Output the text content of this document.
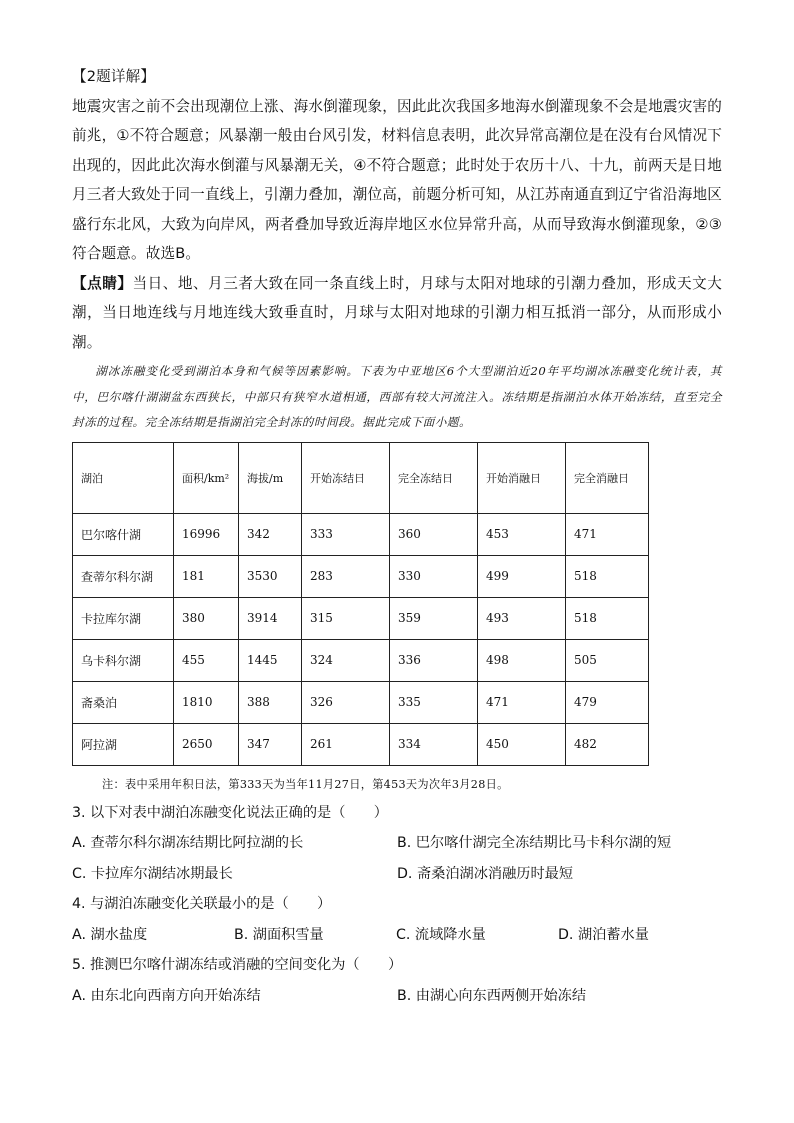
【2题详解】

地震灾害之前不会出现潮位上涨、海水倒灌现象，因此此次我国多地海水倒灌现象不会是地震灾害的前兆，①不符合题意；风暴潮一般由台风引发，材料信息表明，此次异常高潮位是在没有台风情况下出现的，因此此次海水倒灌与风暴潮无关，④不符合题意；此时处于农历十八、十九，前两天是日地月三者大致处于同一直线上，引潮力叠加，潮位高，前题分析可知，从江苏南通直到辽宁省沿海地区盛行东北风，大致为向岸风，两者叠加导致近海岸地区水位异常升高，从而导致海水倒灌现象，②③符合题意。故选B。

【点睛】当日、地、月三者大致在同一条直线上时，月球与太阳对地球的引潮力叠加，形成天文大潮，当日地连线与月地连线大致垂直时，月球与太阳对地球的引潮力相互抵消一部分，从而形成小潮。

湖冰冻融变化受到湖泊本身和气候等因素影响。下表为中亚地区6个大型湖泊近20年平均湖冰冻融变化统计表，其中，巴尔喀什湖湖盆东西狭长，中部只有狭窄水道相通，西部有较大河流注入。冻结期是指湖泊水体开始冻结，直至完全封冻的过程。完全冻结期是指湖泊完全封冻的时间段。据此完成下面小题。

湖泊	面积/km²	海拔/m	开始冻结日	完全冻结日	开始消融日	完全消融日
巴尔喀什湖	16996	342	333	360	453	471
查蒂尔科尔湖	181	3530	283	330	499	518
卡拉库尔湖	380	3914	315	359	493	518
乌卡科尔湖	455	1445	324	336	498	505
斋桑泊	1810	388	326	335	471	479
阿拉湖	2650	347	261	334	450	482

注：表中采用年积日法，第333天为当年11月27日，第453天为次年3月28日。

3. 以下对表中湖泊冻融变化说法正确的是（　　）

A. 查蒂尔科尔湖冻结期比阿拉湖的长	B. 巴尔喀什湖完全冻结期比马卡科尔湖的短
C. 卡拉库尔湖结冰期最长	D. 斋桑泊湖冰消融历时最短

4. 与湖泊冻融变化关联最小的是（　　）

A. 湖水盐度	B. 湖面积雪量	C. 流域降水量	D. 湖泊蓄水量

5. 推测巴尔喀什湖冻结或消融的空间变化为（　　）

A. 由东北向西南方向开始冻结	B. 由湖心向东西两侧开始冻结
